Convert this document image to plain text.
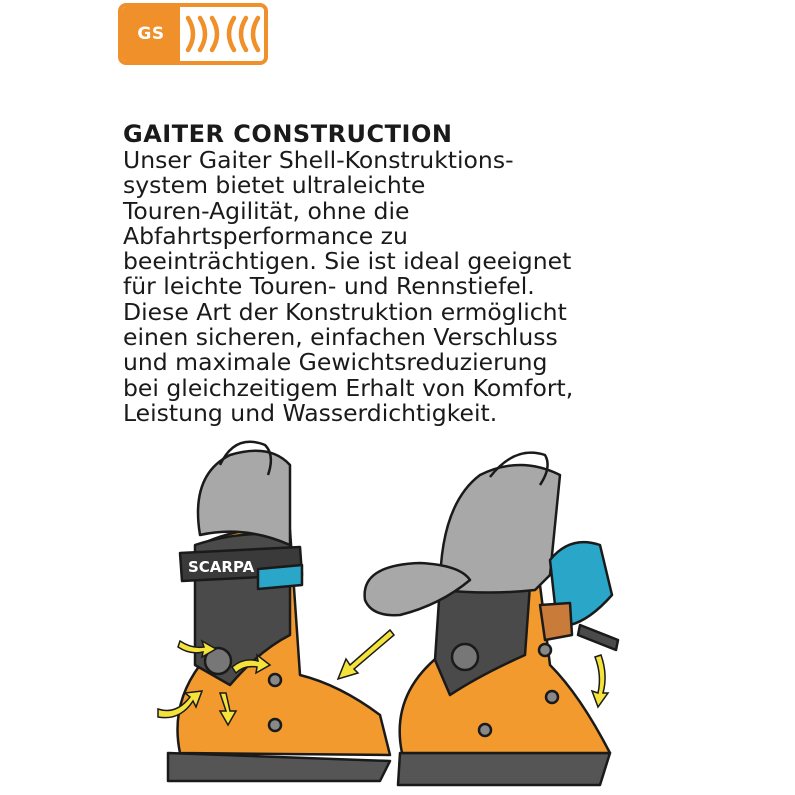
GS
GAITER CONSTRUCTION

Unser Gaiter Shell-Konstruktions-
system bietet ultraleichte
Touren-Agilität, ohne die
Abfahrtsperformance zu
beeinträchtigen. Sie ist ideal geeignet
für leichte Touren- und Rennstiefel.
Diese Art der Konstruktion ermöglicht
einen sicheren, einfachen Verschluss
und maximale Gewichtsreduzierung
bei gleichzeitigem Erhalt von Komfort,
Leistung und Wasserdichtigkeit.

SCARPA
